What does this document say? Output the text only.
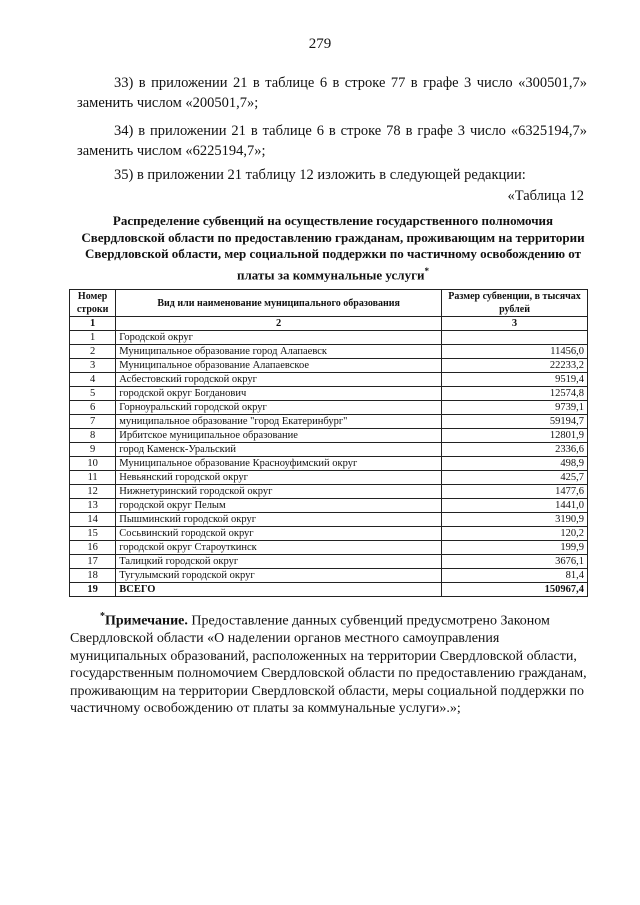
279
33) в приложении 21 в таблице 6 в строке 77 в графе 3 число «300501,7» заменить числом «200501,7»;
34) в приложении 21 в таблице 6 в строке 78 в графе 3 число «6325194,7» заменить числом «6225194,7»;
35) в приложении 21 таблицу 12 изложить в следующей редакции:
«Таблица 12
Распределение субвенций на осуществление государственного полномочия Свердловской области по предоставлению гражданам, проживающим на территории Свердловской области, мер социальной поддержки по частичному освобождению от платы за коммунальные услуги*
Номер строки	Вид или наименование муниципального образования	Размер субвенции, в тысячах рублей
1	2	3
1	Городской округ	
2	Муниципальное образование город Алапаевск	11456,0
3	Муниципальное образование Алапаевское	22233,2
4	Асбестовский городской округ	9519,4
5	городской округ Богданович	12574,8
6	Горноуральский городской округ	9739,1
7	муниципальное образование "город Екатеринбург"	59194,7
8	Ирбитское муниципальное образование	12801,9
9	город Каменск-Уральский	2336,6
10	Муниципальное образование Красноуфимский округ	498,9
11	Невьянский городской округ	425,7
12	Нижнетуринский городской округ	1477,6
13	городской округ Пелым	1441,0
14	Пышминский городской округ	3190,9
15	Сосьвинский городской округ	120,2
16	городской округ Староуткинск	199,9
17	Талицкий городской округ	3676,1
18	Тугулымский городской округ	81,4
19	ВСЕГО	150967,4
*Примечание. Предоставление данных субвенций предусмотрено Законом Свердловской области «О наделении органов местного самоуправления муниципальных образований, расположенных на территории Свердловской области, государственным полномочием Свердловской области по предоставлению гражданам, проживающим на территории Свердловской области, меры социальной поддержки по частичному освобождению от платы за коммунальные услуги».»;
